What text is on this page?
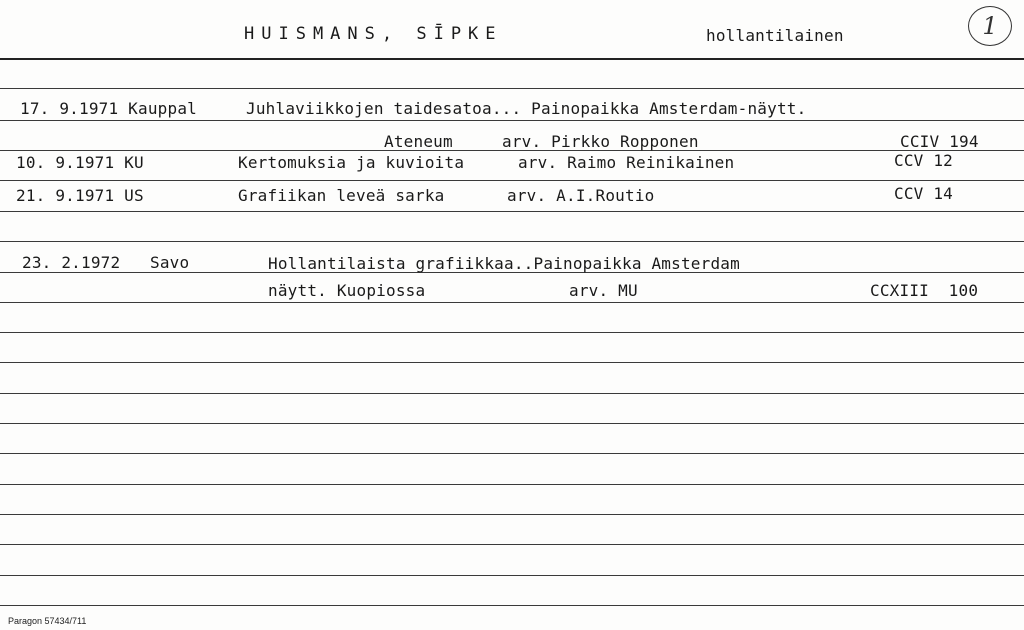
HUISMANS, SĪPKE	hollantilainen	1
17. 9.1971 Kauppal	Juhlaviikkojen taidesatoa... Painopaikka Amsterdam-näytt.
Ateneum	arv. Pirkko Ropponen	CCIV 194
10. 9.1971 KU	Kertomuksia ja kuvioita	arv. Raimo Reinikainen	CCV 12
21. 9.1971 US	Grafiikan leveä sarka	arv. A.I.Routio	CCV 14
23. 2.1972 Savo	Hollantilaista grafiikkaa..Painopaikka Amsterdam
näytt. Kuopiossa	arv. MU	CCXIII  100
Paragon 57434/711
